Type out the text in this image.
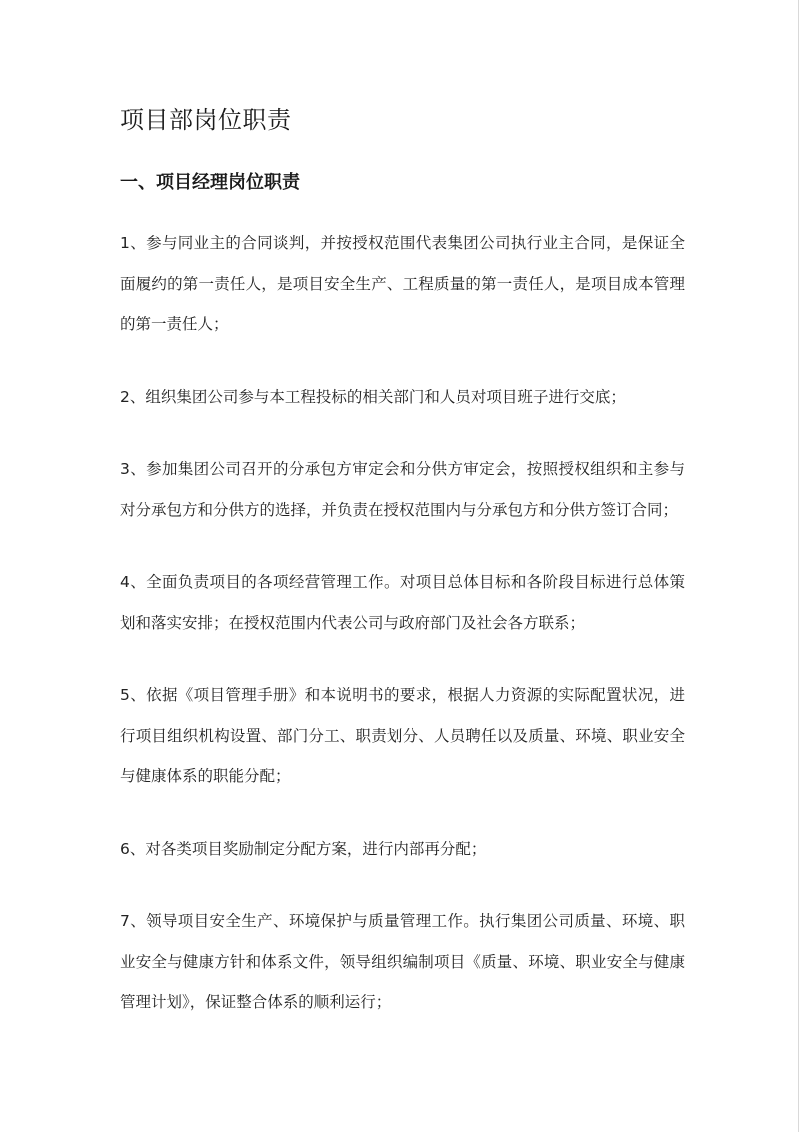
项目部岗位职责
一、项目经理岗位职责

1、参与同业主的合同谈判，并按授权范围代表集团公司执行业主合同，是保证全面履约的第一责任人，是项目安全生产、工程质量的第一责任人，是项目成本管理的第一责任人；

2、组织集团公司参与本工程投标的相关部门和人员对项目班子进行交底；

3、参加集团公司召开的分承包方审定会和分供方审定会，按照授权组织和主参与对分承包方和分供方的选择，并负责在授权范围内与分承包方和分供方签订合同；

4、全面负责项目的各项经营管理工作。对项目总体目标和各阶段目标进行总体策划和落实安排；在授权范围内代表公司与政府部门及社会各方联系；

5、依据《项目管理手册》和本说明书的要求，根据人力资源的实际配置状况，进行项目组织机构设置、部门分工、职责划分、人员聘任以及质量、环境、职业安全与健康体系的职能分配；

6、对各类项目奖励制定分配方案，进行内部再分配；

7、领导项目安全生产、环境保护与质量管理工作。执行集团公司质量、环境、职业安全与健康方针和体系文件，领导组织编制项目《质量、环境、职业安全与健康管理计划》，保证整合体系的顺利运行；
